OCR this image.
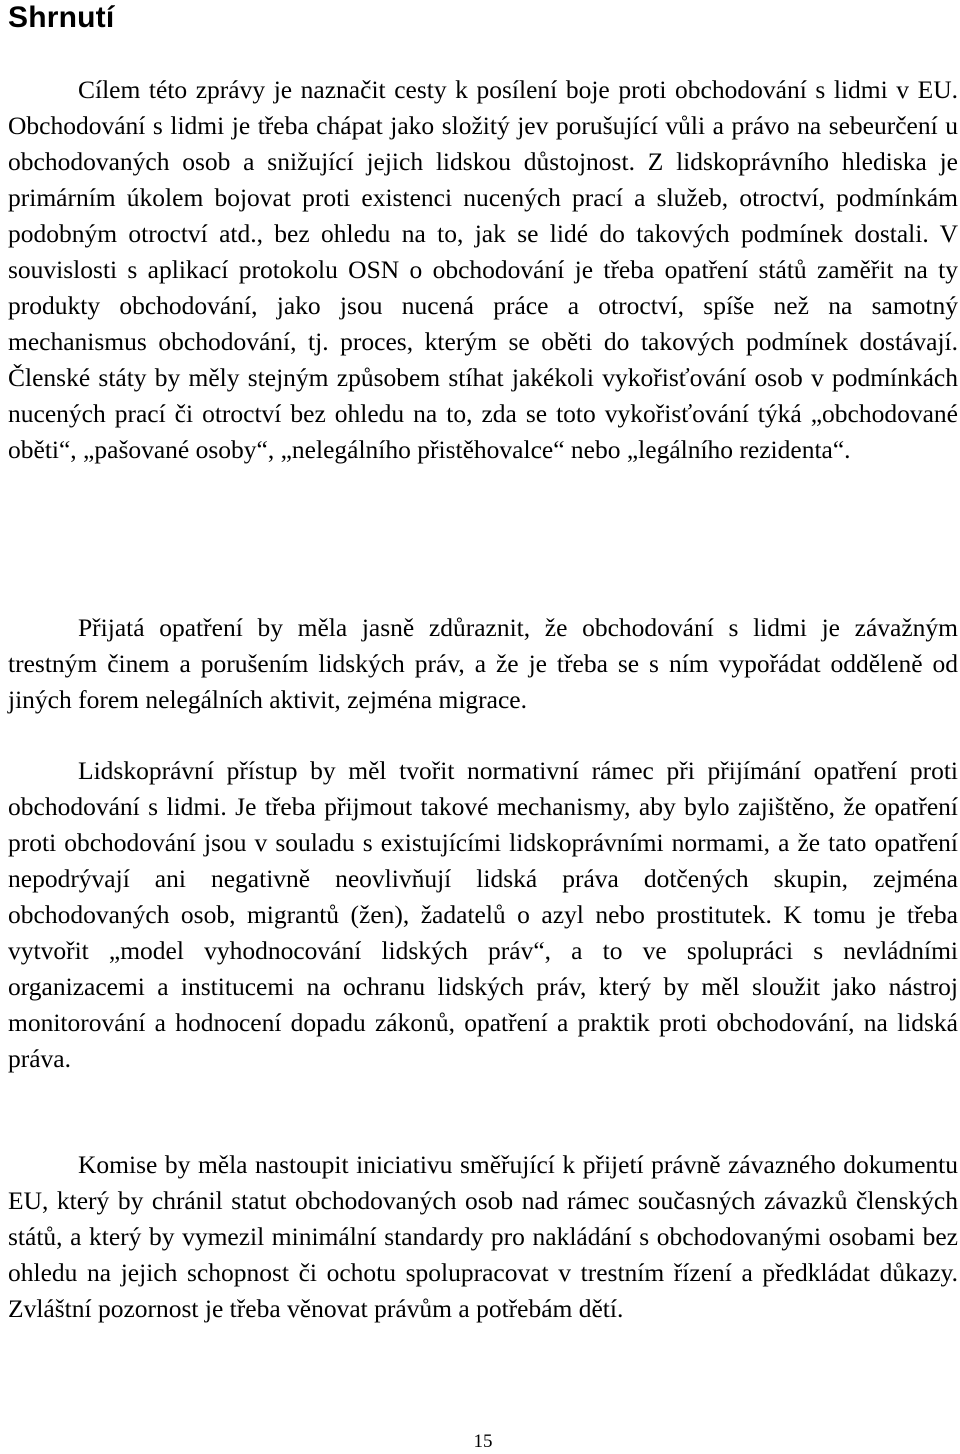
Shrnutí

Cílem této zprávy je naznačit cesty k posílení boje proti obchodování s lidmi v EU. Obchodování s lidmi je třeba chápat jako složitý jev porušující vůli a právo na sebeurčení u obchodovaných osob a snižující jejich lidskou důstojnost. Z lidskoprávního hlediska je primárním úkolem bojovat proti existenci nucených prací a služeb, otroctví, podmínkám podobným otroctví atd., bez ohledu na to, jak se lidé do takových podmínek dostali. V souvislosti s aplikací protokolu OSN o obchodování je třeba opatření států zaměřit na ty produkty obchodování, jako jsou nucená práce a otroctví, spíše než na samotný mechanismus obchodování, tj. proces, kterým se oběti do takových podmínek dostávají. Členské státy by měly stejným způsobem stíhat jakékoli vykořisťování osob v podmínkách nucených prací či otroctví bez ohledu na to, zda se toto vykořisťování týká „obchodované oběti“, „pašované osoby“, „nelegálního přistěhovalce“ nebo „legálního rezidenta“.

Přijatá opatření by měla jasně zdůraznit, že obchodování s lidmi je závažným trestným činem a porušením lidských práv, a že je třeba se s ním vypořádat odděleně od jiných forem nelegálních aktivit, zejména migrace.

Lidskoprávní přístup by měl tvořit normativní rámec při přijímání opatření proti obchodování s lidmi. Je třeba přijmout takové mechanismy, aby bylo zajištěno, že opatření proti obchodování jsou v souladu s existujícími lidskoprávními normami, a že tato opatření nepodrývají ani negativně neovlivňují lidská práva dotčených skupin, zejména obchodovaných osob, migrantů (žen), žadatelů o azyl nebo prostitutek. K tomu je třeba vytvořit „model vyhodnocování lidských práv“, a to ve spolupráci s nevládními organizacemi a institucemi na ochranu lidských práv, který by měl sloužit jako nástroj monitorování a hodnocení dopadu zákonů, opatření a praktik proti obchodování, na lidská práva.

Komise by měla nastoupit iniciativu směřující k přijetí právně závazného dokumentu EU, který by chránil statut obchodovaných osob nad rámec současných závazků členských států, a který by vymezil minimální standardy pro nakládání s obchodovanými osobami bez ohledu na jejich schopnost či ochotu spolupracovat v trestním řízení a předkládat důkazy. Zvláštní pozornost je třeba věnovat právům a potřebám dětí.

15
